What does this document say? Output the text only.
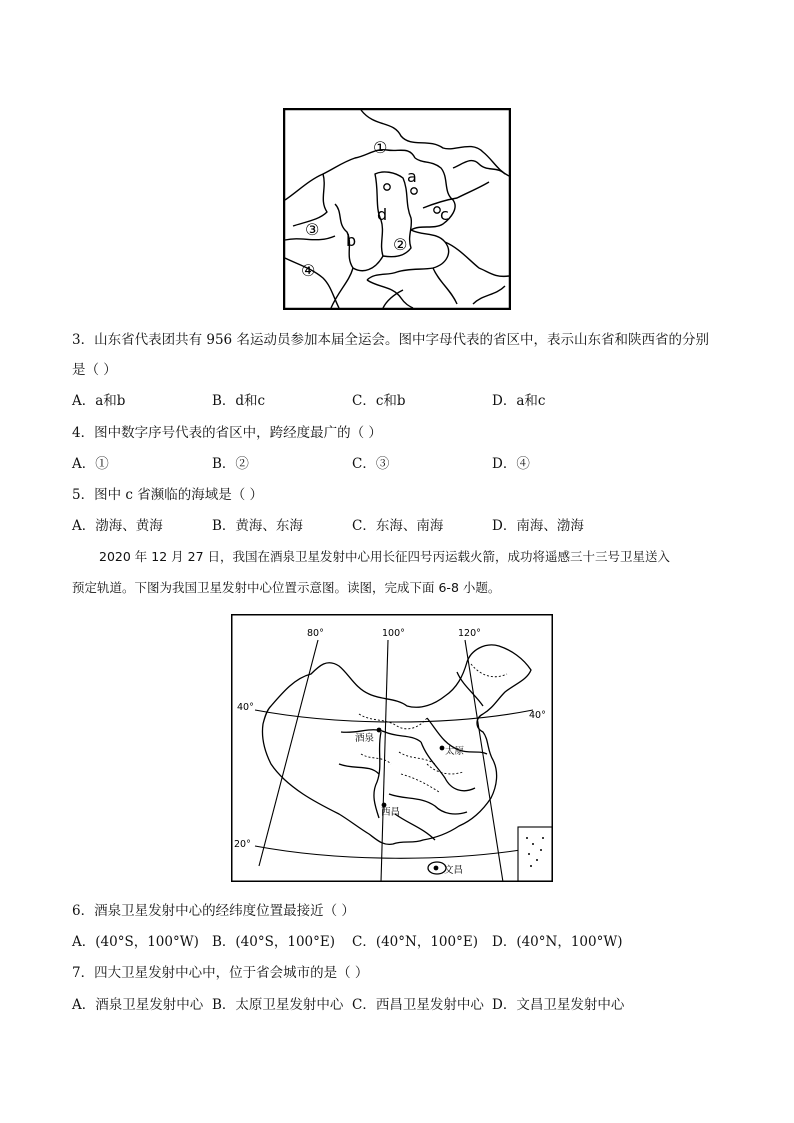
①
a
d	c
③
b ②
④
3．山东省代表团共有 956 名运动员参加本届全运会。图中字母代表的省区中，表示山东省和陕西省的分别
是（ ）
A．a和b	B．d和c	C．c和b	D．a和c
4．图中数字序号代表的省区中，跨经度最广的（ ）
A．①	B．②	C．③	D．④
5．图中 c 省濒临的海域是（ ）
A．渤海、黄海	B．黄海、东海	C．东海、南海	D．南海、渤海
2020 年 12 月 27 日，我国在酒泉卫星发射中心用长征四号丙运载火箭，成功将遥感三十三号卫星送入
预定轨道。下图为我国卫星发射中心位置示意图。读图，完成下面 6-8 小题。
80°	100°	120°
40°
40°
20°
酒泉
太原
西昌
文昌
6．酒泉卫星发射中心的经纬度位置最接近（ ）
A．(40°S，100°W) B．(40°S，100°E) C．(40°N，100°E) D．(40°N，100°W)
7．四大卫星发射中心中，位于省会城市的是（ ）
A．酒泉卫星发射中心 B．太原卫星发射中心 C．西昌卫星发射中心 D．文昌卫星发射中心
